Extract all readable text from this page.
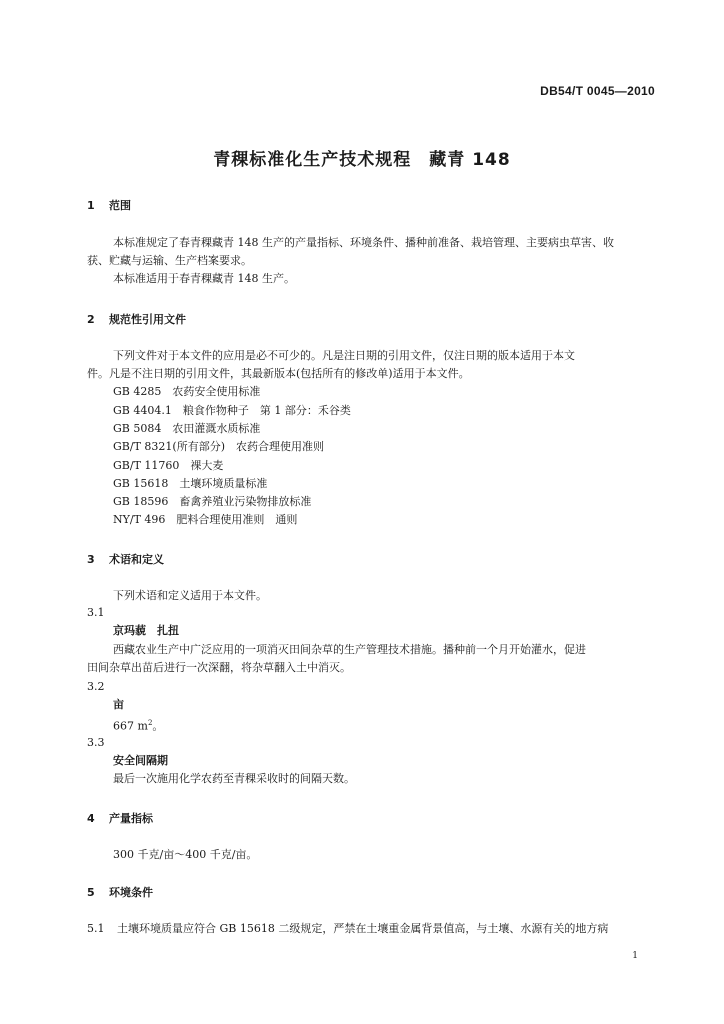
DB54/T 0045—2010
青稞标准化生产技术规程　藏青 148
1 范围
本标准规定了春青稞藏青 148 生产的产量指标、环境条件、播种前准备、栽培管理、主要病虫草害、收
获、贮藏与运输、生产档案要求。
本标准适用于春青稞藏青 148 生产。
2 规范性引用文件
下列文件对于本文件的应用是必不可少的。凡是注日期的引用文件，仅注日期的版本适用于本文
件。凡是不注日期的引用文件，其最新版本(包括所有的修改单)适用于本文件。
GB 4285　农药安全使用标准
GB 4404.1　粮食作物种子　第 1 部分：禾谷类
GB 5084　农田灌溉水质标准
GB/T 8321(所有部分)　农药合理使用准则
GB/T 11760　裸大麦
GB 15618　土壤环境质量标准
GB 18596　畜禽养殖业污染物排放标准
NY/T 496　肥料合理使用准则　通则
3 术语和定义
下列术语和定义适用于本文件。
3.1
京玛藐　扎扭
西藏农业生产中广泛应用的一项消灭田间杂草的生产管理技术措施。播种前一个月开始灌水，促进
田间杂草出苗后进行一次深翻，将杂草翻入土中消灭。
3.2
亩
667 $m^2$。
3.3
安全间隔期
最后一次施用化学农药至青稞采收时的间隔天数。
4 产量指标
300 千克/亩～400 千克/亩。
5 环境条件
5.1 土壤环境质量应符合 GB 15618 二级规定，严禁在土壤重金属背景值高，与土壤、水源有关的地方病
1
